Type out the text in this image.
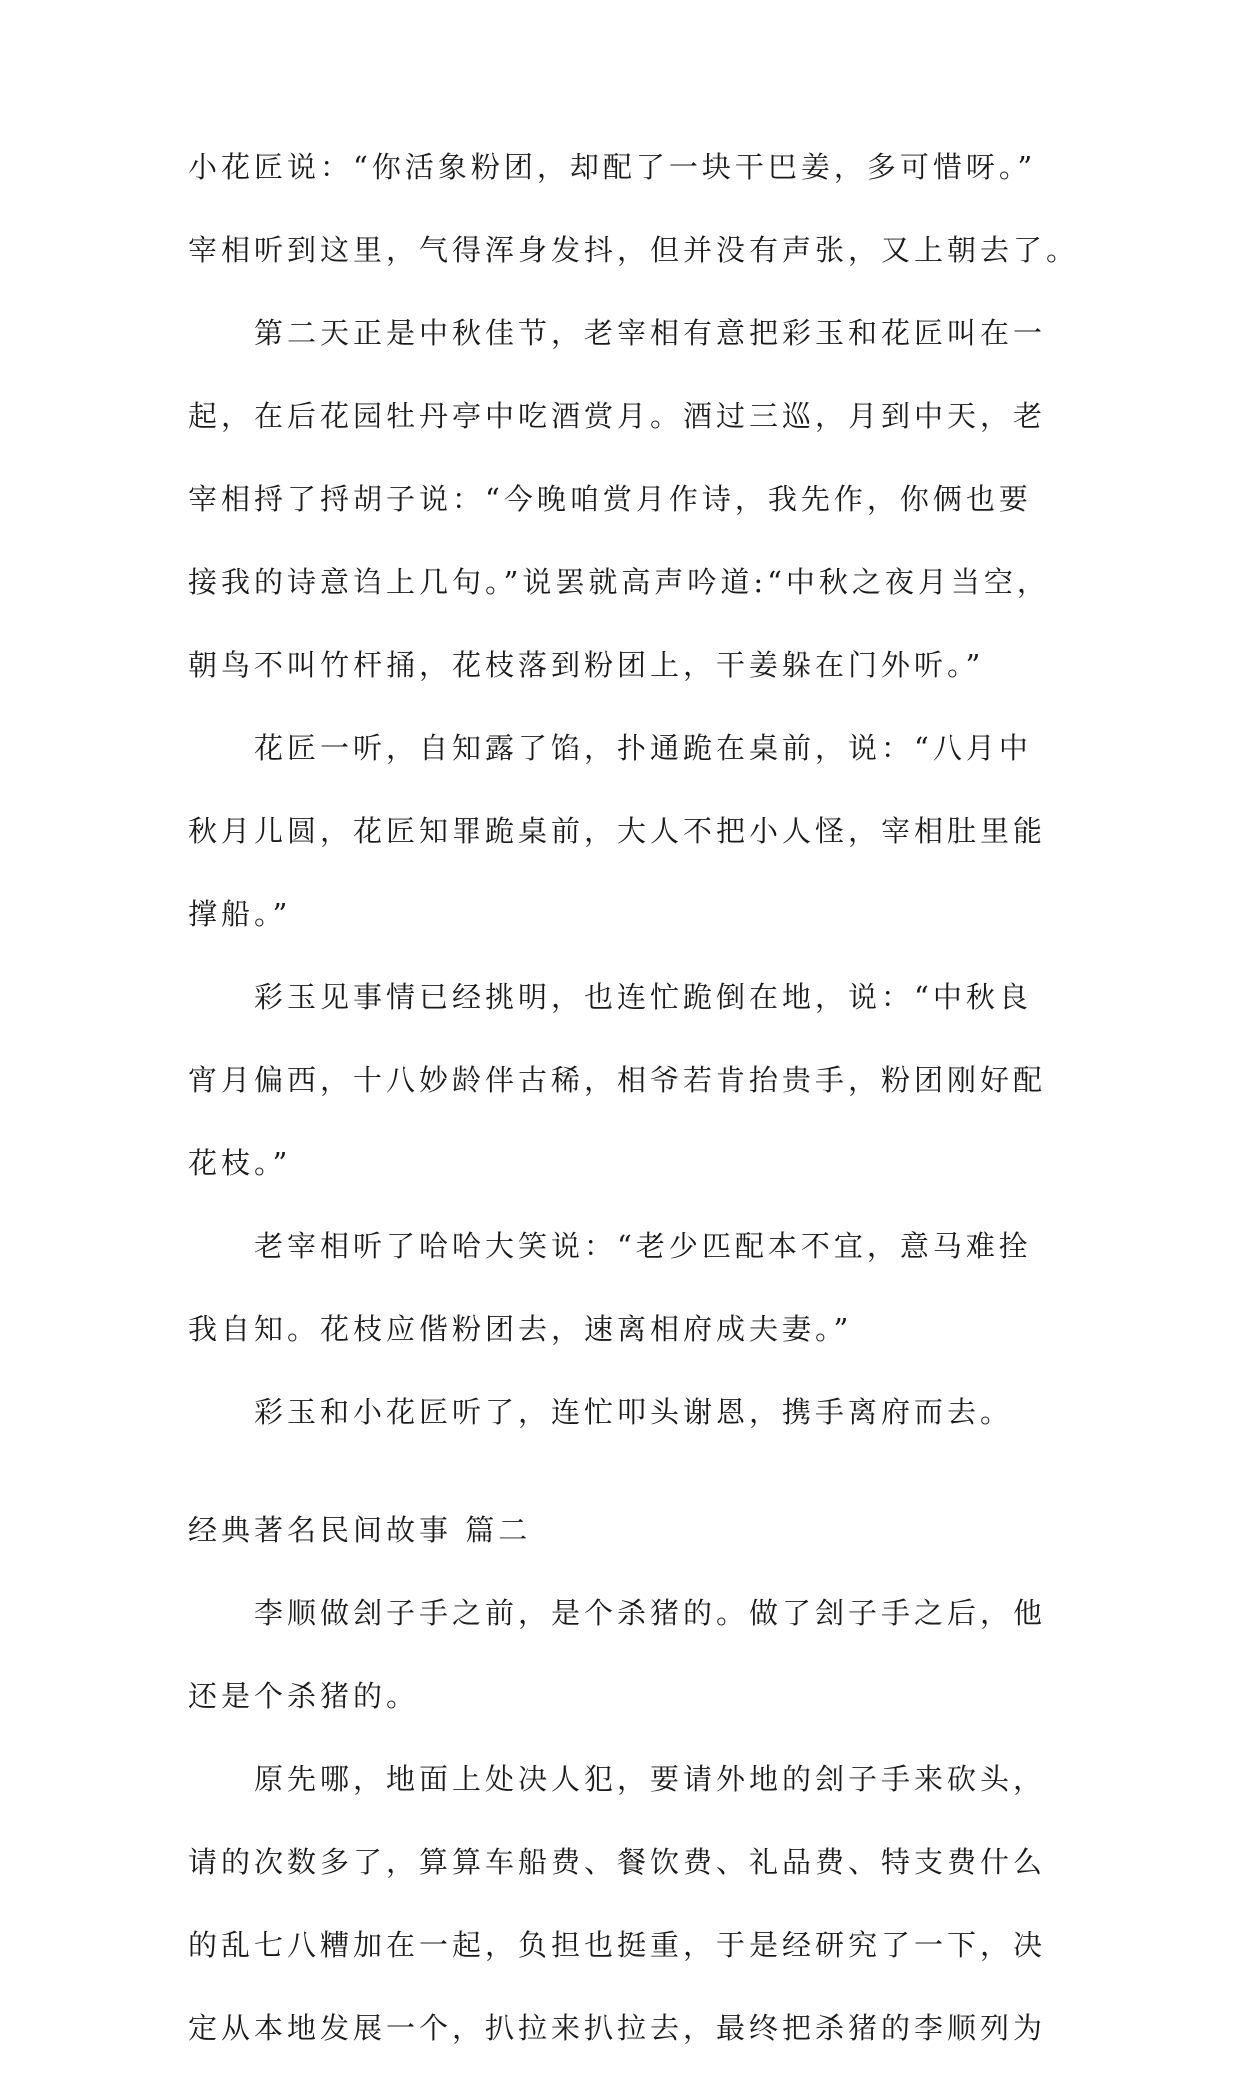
小花匠说：“你活象粉团，却配了一块干巴姜，多可惜呀。”
宰相听到这里，气得浑身发抖，但并没有声张，又上朝去了。
第二天正是中秋佳节，老宰相有意把彩玉和花匠叫在一
起，在后花园牡丹亭中吃酒赏月。酒过三巡，月到中天，老
宰相捋了捋胡子说：“今晚咱赏月作诗，我先作，你俩也要
接我的诗意诌上几句。”说罢就高声吟道:“中秋之夜月当空，
朝鸟不叫竹杆捅，花枝落到粉团上，干姜躲在门外听。”
花匠一听，自知露了馅，扑通跪在桌前，说：“八月中
秋月儿圆，花匠知罪跪桌前，大人不把小人怪，宰相肚里能
撑船。”
彩玉见事情已经挑明，也连忙跪倒在地，说：“中秋良
宵月偏西，十八妙龄伴古稀，相爷若肯抬贵手，粉团刚好配
花枝。”
老宰相听了哈哈大笑说：“老少匹配本不宜，意马难拴
我自知。花枝应偕粉团去，速离相府成夫妻。”
彩玉和小花匠听了，连忙叩头谢恩，携手离府而去。
经典著名民间故事 篇二
李顺做刽子手之前，是个杀猪的。做了刽子手之后，他
还是个杀猪的。
原先哪，地面上处决人犯，要请外地的刽子手来砍头，
请的次数多了，算算车船费、餐饮费、礼品费、特支费什么
的乱七八糟加在一起，负担也挺重，于是经研究了一下，决
定从本地发展一个，扒拉来扒拉去，最终把杀猪的李顺列为
